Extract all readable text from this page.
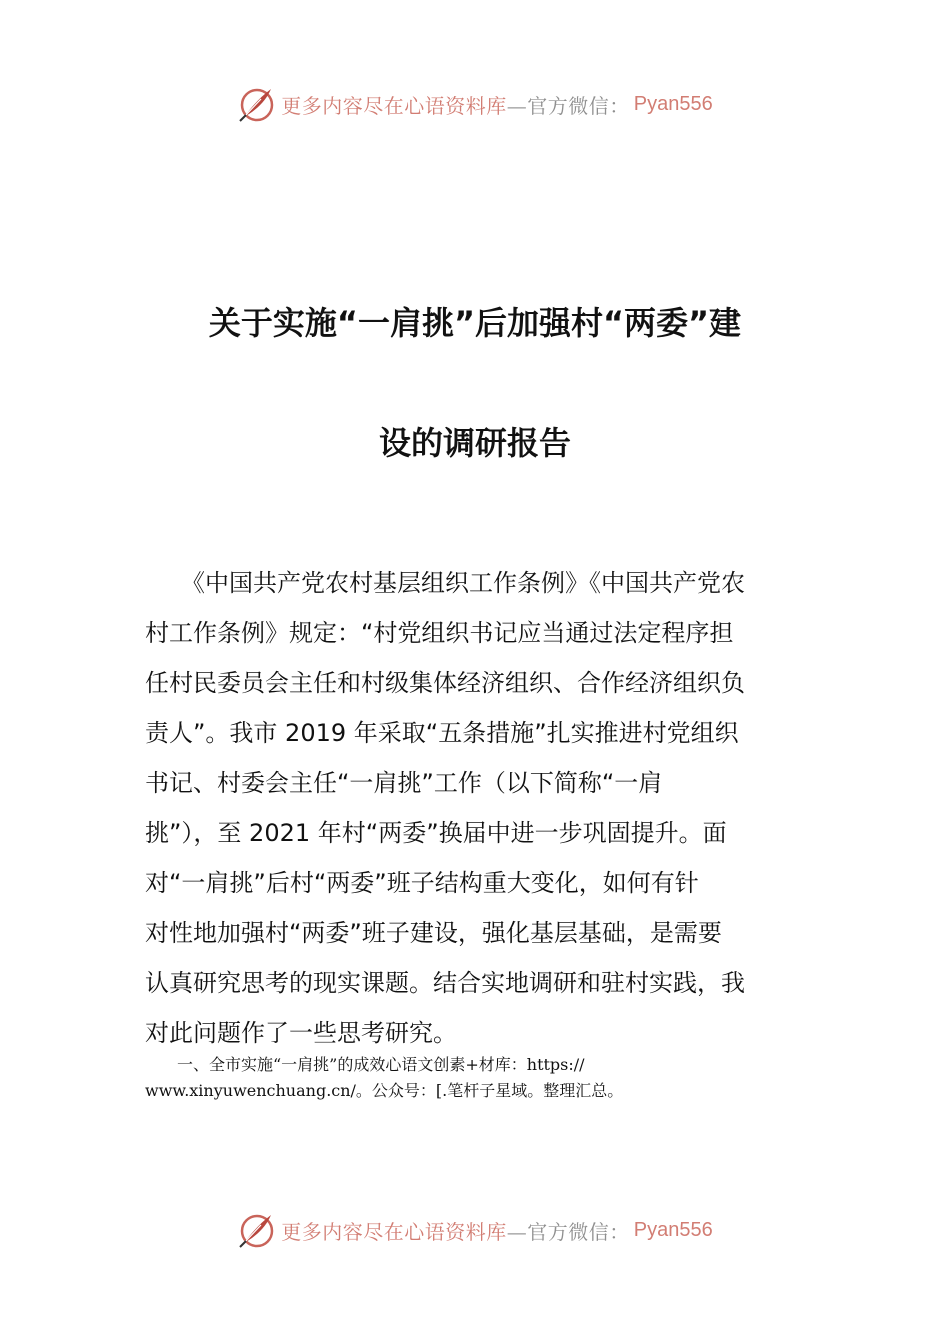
更多内容尽在心语资料库—官方微信： Pyan556
关于实施“一肩挑”后加强村“两委”建
设的调研报告
　　《中国共产党农村基层组织工作条例》《中国共产党农
村工作条例》规定：“村党组织书记应当通过法定程序担
任村民委员会主任和村级集体经济组织、合作经济组织负
责人”。我市 2019 年采取“五条措施”扎实推进村党组织
书记、村委会主任“一肩挑”工作（以下简称“一肩
挑”），至 2021 年村“两委”换届中进一步巩固提升。面
对“一肩挑”后村“两委”班子结构重大变化，如何有针
对性地加强村“两委”班子建设，强化基层基础，是需要
认真研究思考的现实课题。结合实地调研和驻村实践，我
对此问题作了一些思考研究。
　　一、全市实施“一肩挑”的成效心语文创素+材库：https://
www.xinyuwenchuang.cn/。公众号：[.笔杆子星域。整理汇总。
更多内容尽在心语资料库—官方微信： Pyan556
